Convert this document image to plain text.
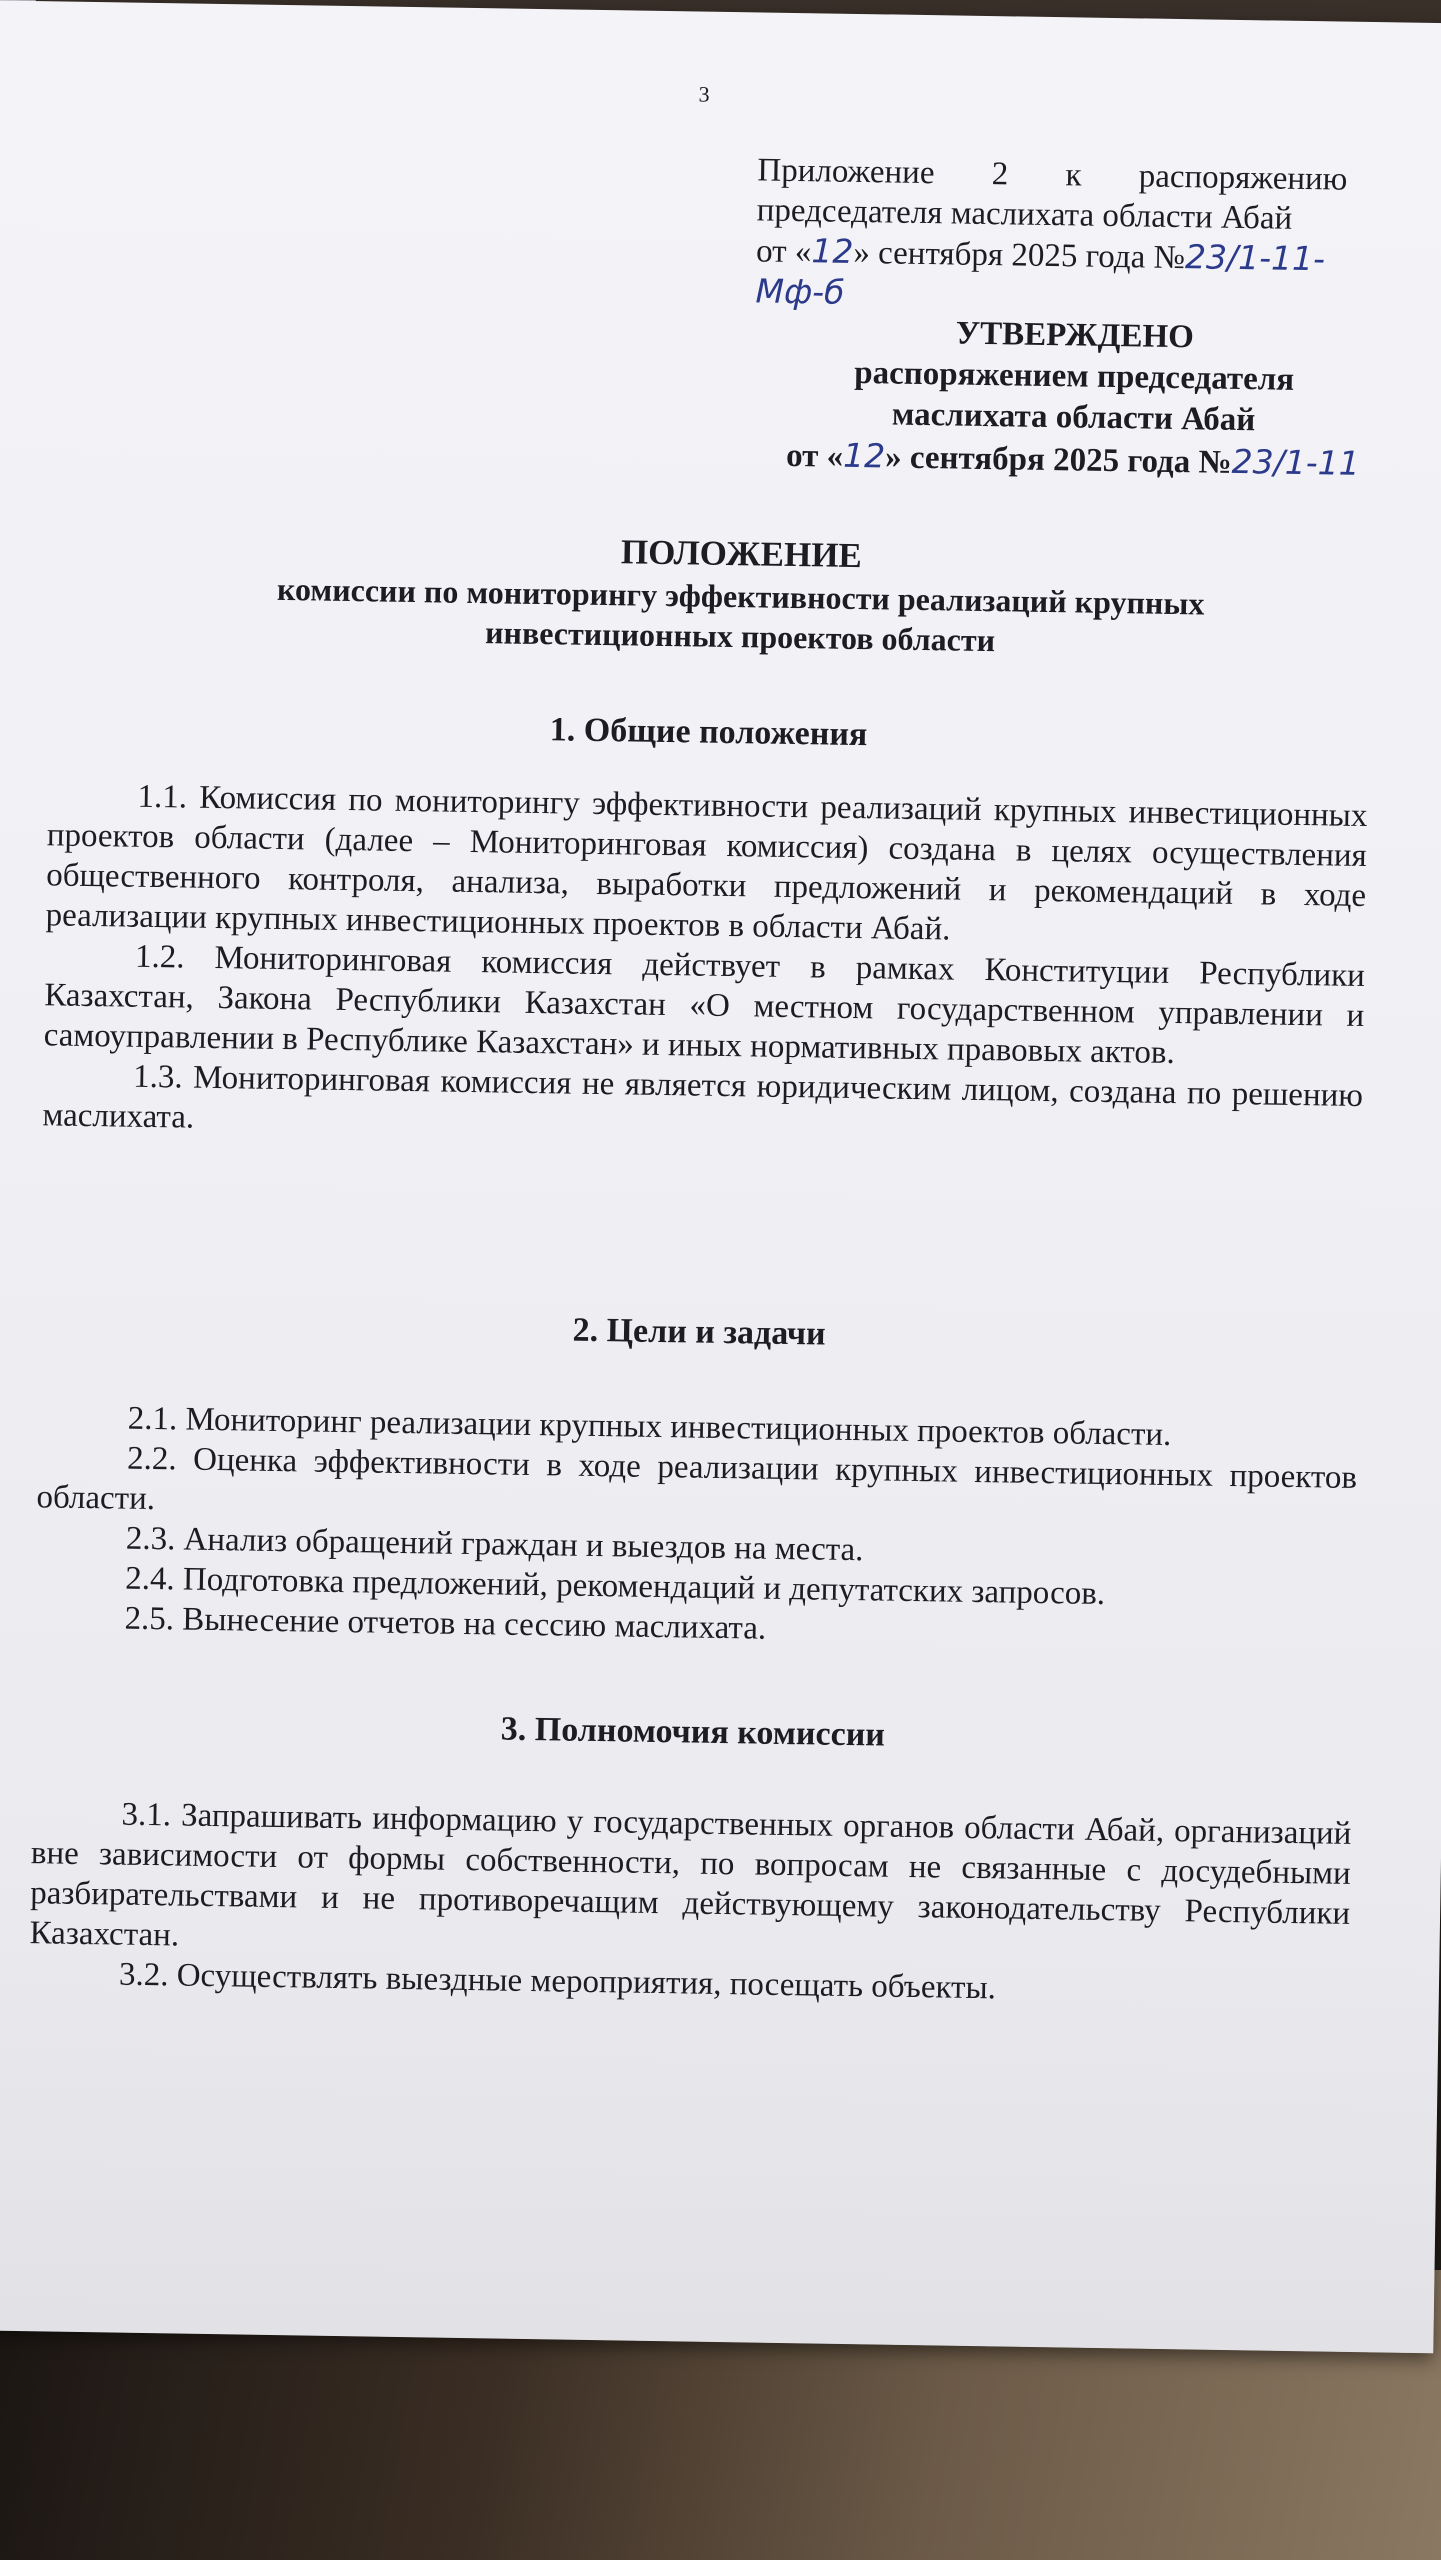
3
Приложение 2 к распоряжению
председателя маслихата области Абай
от «12» сентября 2025 года №23/1-11-Мф-б
УТВЕРЖДЕНО
распоряжением председателя
маслихата области Абай
от «12» сентября 2025 года №23/1-11
ПОЛОЖЕНИЕ
комиссии по мониторингу эффективности реализаций крупных
инвестиционных проектов области
1. Общие положения

1.1. Комиссия по мониторингу эффективности реализаций крупных инвестиционных проектов области (далее – Мониторинговая комиссия) создана в целях осуществления общественного контроля, анализа, выработки предложений и рекомендаций в ходе реализации крупных инвестиционных проектов в области Абай.

1.2. Мониторинговая комиссия действует в рамках Конституции Республики Казахстан, Закона Республики Казахстан «О местном государственном управлении и самоуправлении в Республике Казахстан» и иных нормативных правовых актов.

1.3. Мониторинговая комиссия не является юридическим лицом, создана по решению маслихата.

2. Цели и задачи

2.1. Мониторинг реализации крупных инвестиционных проектов области.

2.2. Оценка эффективности в ходе реализации крупных инвестиционных проектов области.

2.3. Анализ обращений граждан и выездов на места.

2.4. Подготовка предложений, рекомендаций и депутатских запросов.

2.5. Вынесение отчетов на сессию маслихата.

3. Полномочия комиссии

3.1. Запрашивать информацию у государственных органов области Абай, организаций вне зависимости от формы собственности, по вопросам не связанные с досудебными разбирательствами и не противоречащим действующему законодательству Республики Казахстан.

3.2. Осуществлять выездные мероприятия, посещать объекты.
